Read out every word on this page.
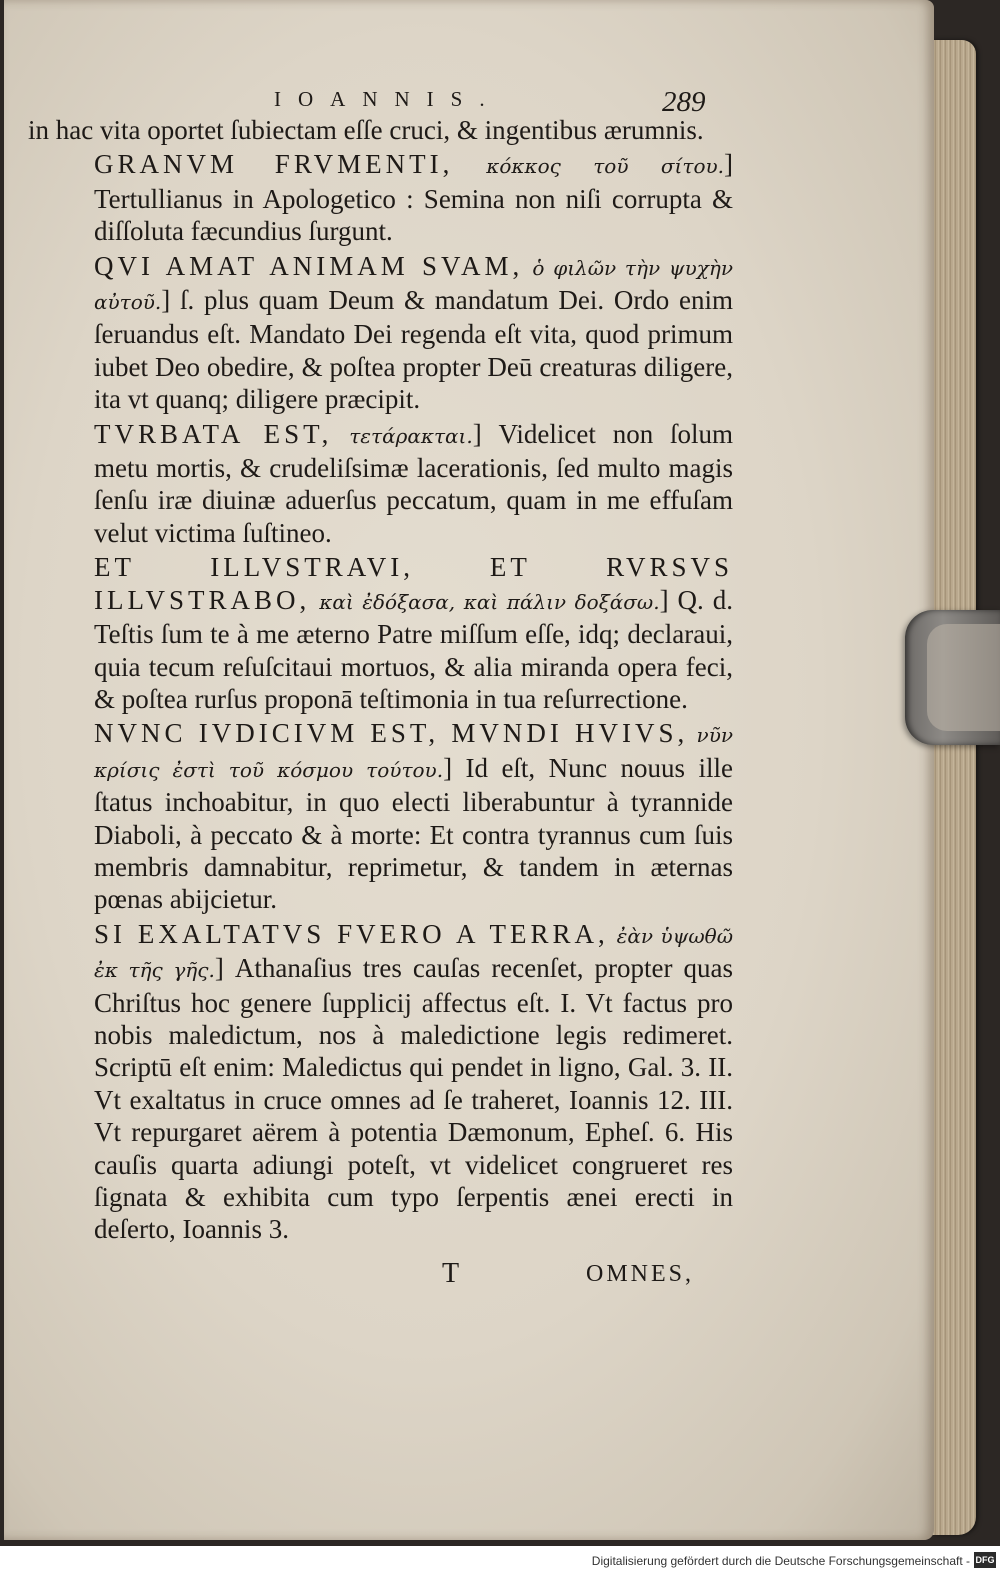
IOANNIS.	289

in hac vita oportet ſubiectam eſſe cruci, & ingentibus ærumnis.

GRANVM FRVMENTI, κόκκος τοῦ σίτου.] Tertullianus in Apologetico : Semina non niſi corrupta & diſſoluta fæcundius ſurgunt.

QVI AMAT ANIMAM SVAM, ὁ φιλῶν τὴν ψυχὴν αὐτοῦ.] ſ. plus quam Deum & mandatum Dei. Ordo enim ſeruandus eſt. Mandato Dei regenda eſt vita, quod primum iubet Deo obedire, & poſtea propter Deū creaturas diligere, ita vt quanq; diligere præcipit.

TVRBATA EST, τετάρακται.] Videlicet non ſolum metu mortis, & crudeliſsimæ lacerationis, ſed multo magis ſenſu iræ diuinæ aduerſus peccatum, quam in me effuſam velut victima ſuſtineo.

ET ILLVSTRAVI, ET RVRSVS ILLVSTRABO, καὶ ἐδόξασα, καὶ πάλιν δοξάσω.] Q. d. Teſtis ſum te à me æterno Patre miſſum eſſe, idq; declaraui, quia tecum reſuſcitaui mortuos, & alia miranda opera feci, & poſtea rurſus proponā teſtimonia in tua reſurrectione.

NVNC IVDICIVM EST, MVNDI HVIVS, νῦν κρίσις ἐστὶ τοῦ κόσμου τούτου.] Id eſt, Nunc nouus ille ſtatus inchoabitur, in quo electi liberabuntur à tyrannide Diaboli, à peccato & à morte: Et contra tyrannus cum ſuis membris damnabitur, reprimetur, & tandem in æternas pœnas abijcietur.

SI EXALTATVS FVERO A TERRA, ἐὰν ὑψωθῶ ἐκ τῆς γῆς.] Athanaſius tres cauſas recenſet, propter quas Chriſtus hoc genere ſupplicij affectus eſt. I. Vt factus pro nobis maledictum, nos à maledictione legis redimeret. Scriptū eſt enim: Maledictus qui pendet in ligno, Gal. 3. II. Vt exaltatus in cruce omnes ad ſe traheret, Ioannis 12. III. Vt repurgaret aërem à potentia Dæmonum, Epheſ. 6. His cauſis quarta adiungi poteſt, vt videlicet congrueret res ſignata & exhibita cum typo ſerpentis ænei erecti in deſerto, Ioannis 3.

T	OMNES,
Digitalisierung gefördert durch die Deutsche Forschungsgemeinschaft - DFG
